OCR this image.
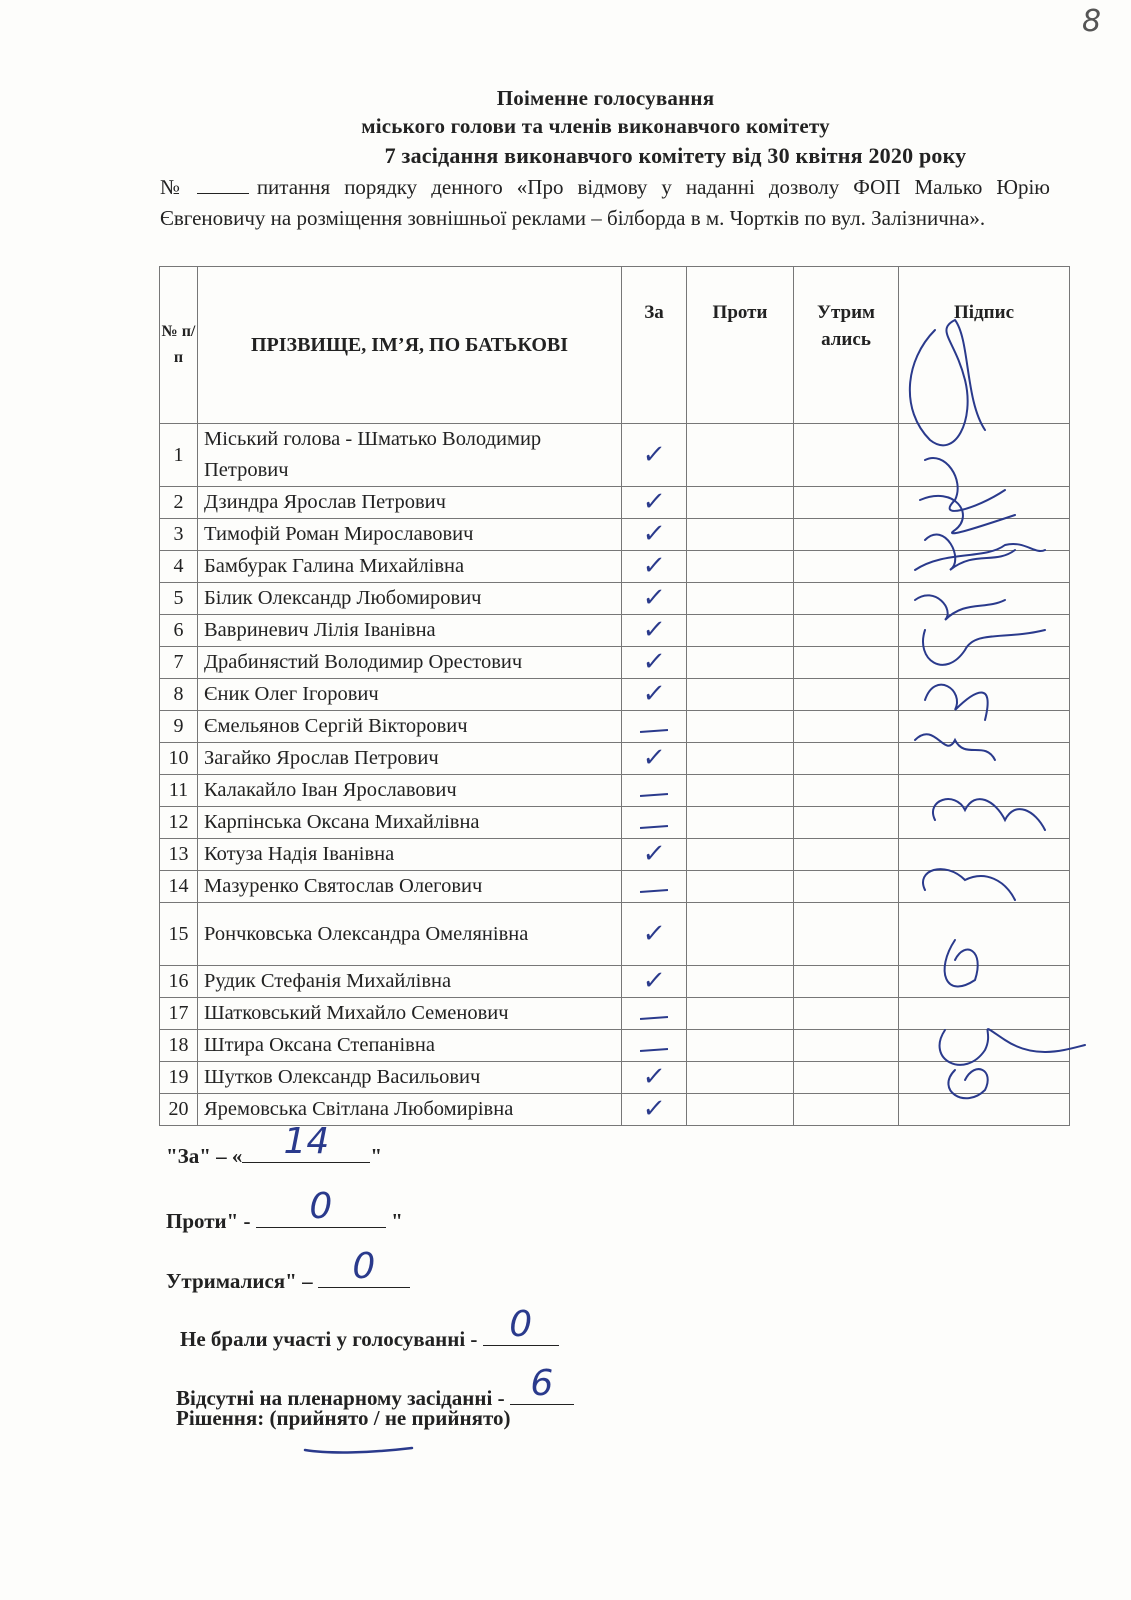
8
Поіменне голосування
міського голови та членів виконавчого комітету
7 засідання виконавчого комітету від 30 квітня 2020 року
№	питання порядку денного «Про відмову у наданні дозволу ФОП Малько Юрію Євгеновичу на розміщення зовнішньої реклами – білборда в м. Чортків по вул. Залізнична».
№ п/п	ПРІЗВИЩЕ, ІМ’Я, ПО БАТЬКОВІ	За	Проти	Утрим ались	Підпис
1	Міський голова - Шматько Володимир Петрович	✓			
2	Дзиндра Ярослав Петрович	✓			
3	Тимофій Роман Мирославович	✓			
4	Бамбурак Галина Михайлівна	✓			
5	Білик Олександр Любомирович	✓			
6	Вавриневич Лілія Іванівна	✓			
7	Драбинястий Володимир Орестович	✓			
8	Єник Олег Ігорович	✓			
9	Ємельянов Сергій Вікторович				
10	Загайко Ярослав Петрович	✓			
11	Калакайло Іван Ярославович				
12	Карпінська Оксана Михайлівна				
13	Котуза Надія Іванівна	✓			
14	Мазуренко Святослав Олегович				
15	Рончковська Олександра Омелянівна	✓			
16	Рудик Стефанія Михайлівна	✓			
17	Шатковський Михайло Семенович				
18	Штира Оксана Степанівна				
19	Шутков Олександр Васильович	✓			
20	Яремовська Світлана Любомирівна	✓			
"За" – «	14	"
Проти" -	0	"
Утрималися" –	0
Не брали участі у голосуванні - 0
Відсутні на пленарному засіданні - 6
Рішення: (прийнято / не прийнято)
